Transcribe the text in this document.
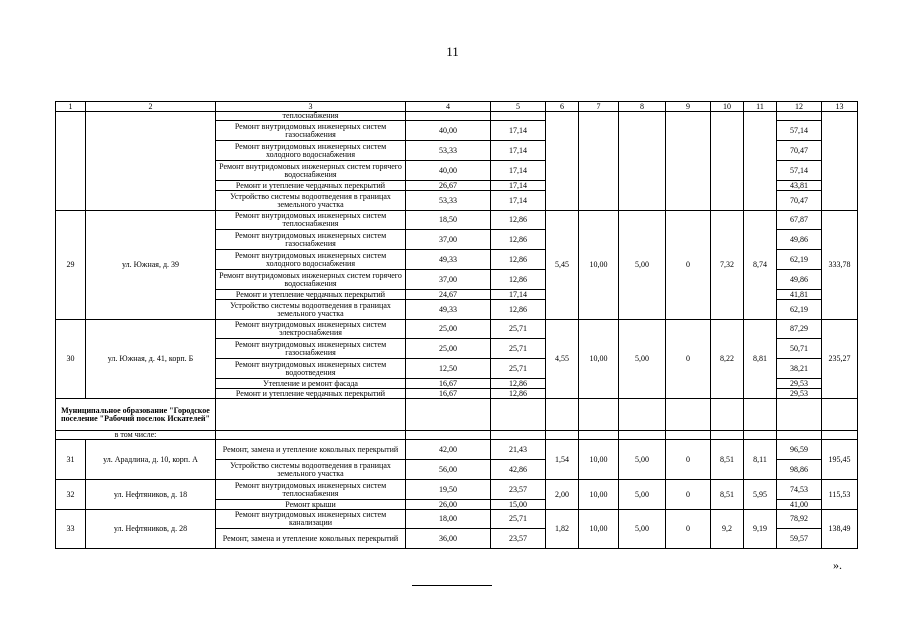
11
1	2	3	4	5	6	7	8	9	10	11	12	13
		теплоснабжения										
		Ремонт внутридомовых инженерных систем газоснабжения	40,00	17,14							57,14	
		Ремонт внутридомовых инженерных систем холодного водоснабжения	53,33	17,14							70,47	
		Ремонт внутридомовых инженерных систем горячего водоснабжения	40,00	17,14							57,14	
		Ремонт и утепление чердачных перекрытий	26,67	17,14							43,81	
		Устройство системы водоотведения в границах земельного участка	53,33	17,14							70,47	
29	ул. Южная, д. 39	Ремонт внутридомовых инженерных систем теплоснабжения	18,50	12,86	5,45	10,00	5,00	0	7,32	8,74	67,87	333,78
		Ремонт внутридомовых инженерных систем газоснабжения	37,00	12,86							49,86	
		Ремонт внутридомовых инженерных систем холодного водоснабжения	49,33	12,86							62,19	
		Ремонт внутридомовых инженерных систем горячего водоснабжения	37,00	12,86							49,86	
		Ремонт и утепление чердачных перекрытий	24,67	17,14							41,81	
		Устройство системы водоотведения в границах земельного участка	49,33	12,86							62,19	
30	ул. Южная, д. 41, корп. Б	Ремонт внутридомовых инженерных систем электроснабжения	25,00	25,71	4,55	10,00	5,00	0	8,22	8,81	87,29	235,27
		Ремонт внутридомовых инженерных систем газоснабжения	25,00	25,71							50,71	
		Ремонт внутридомовых инженерных систем водоотведения	12,50	25,71							38,21	
		Утепление и ремонт фасада	16,67	12,86							29,53	
		Ремонт и утепление чердачных перекрытий	16,67	12,86							29,53	
Муниципальное образование "Городское поселение "Рабочий поселок Искателей"												
в том числе:												
31	ул. Арадлина, д. 10, корп. А	Ремонт, замена и утепление кокольных перекрытий	42,00	21,43	1,54	10,00	5,00	0	8,51	8,11	96,59	195,45
		Устройство системы водоотведения в границах земельного участка	56,00	42,86							98,86	
32	ул. Нефтяников, д. 18	Ремонт внутридомовых инженерных систем теплоснабжения	19,50	23,57	2,00	10,00	5,00	0	8,51	5,95	74,53	115,53
		Ремонт крыши	26,00	15,00							41,00	
33	ул. Нефтяников, д. 28	Ремонт внутридомовых инженерных систем канализации	18,00	25,71	1,82	10,00	5,00	0	9,2	9,19	78,92	138,49
		Ремонт, замена и утепление кокольных перекрытий	36,00	23,57							59,57	
».
